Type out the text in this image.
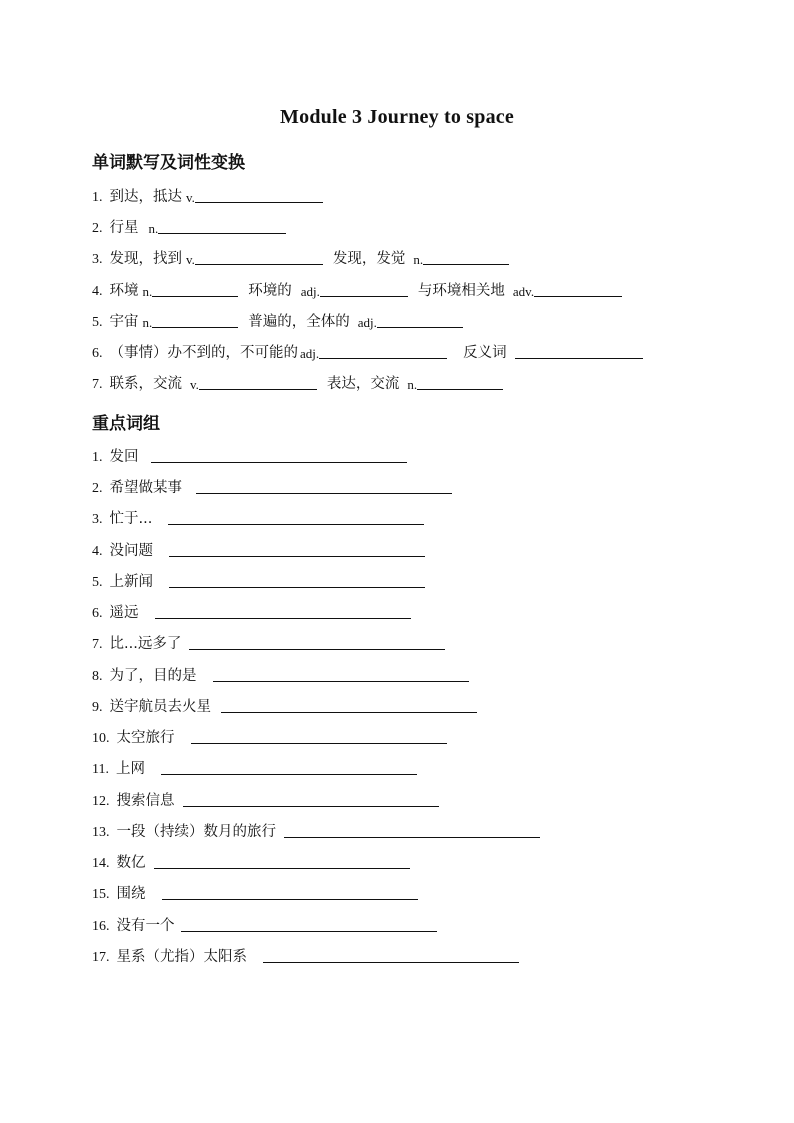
Module 3 Journey to space
单词默写及词性变换
1. 到达，抵达 v.
2. 行星 n.
3. 发现，找到 v.	发现，发觉 n.
4. 环境 n.	环境的 adj.	与环境相关地 adv.
5. 宇宙 n.	普遍的，全体的 adj.
6. （事情）办不到的，不可能的 adj.	反义词
7. 联系，交流 v.	表达，交流 n.
重点词组
1. 发回
2. 希望做某事
3. 忙于...
4. 没问题
5. 上新闻
6. 遥远
7. 比...远多了
8. 为了，目的是
9. 送宇航员去火星
10. 太空旅行
11. 上网
12. 搜索信息
13. 一段（持续）数月的旅行
14. 数亿
15. 围绕
16. 没有一个
17. 星系（尤指）太阳系
